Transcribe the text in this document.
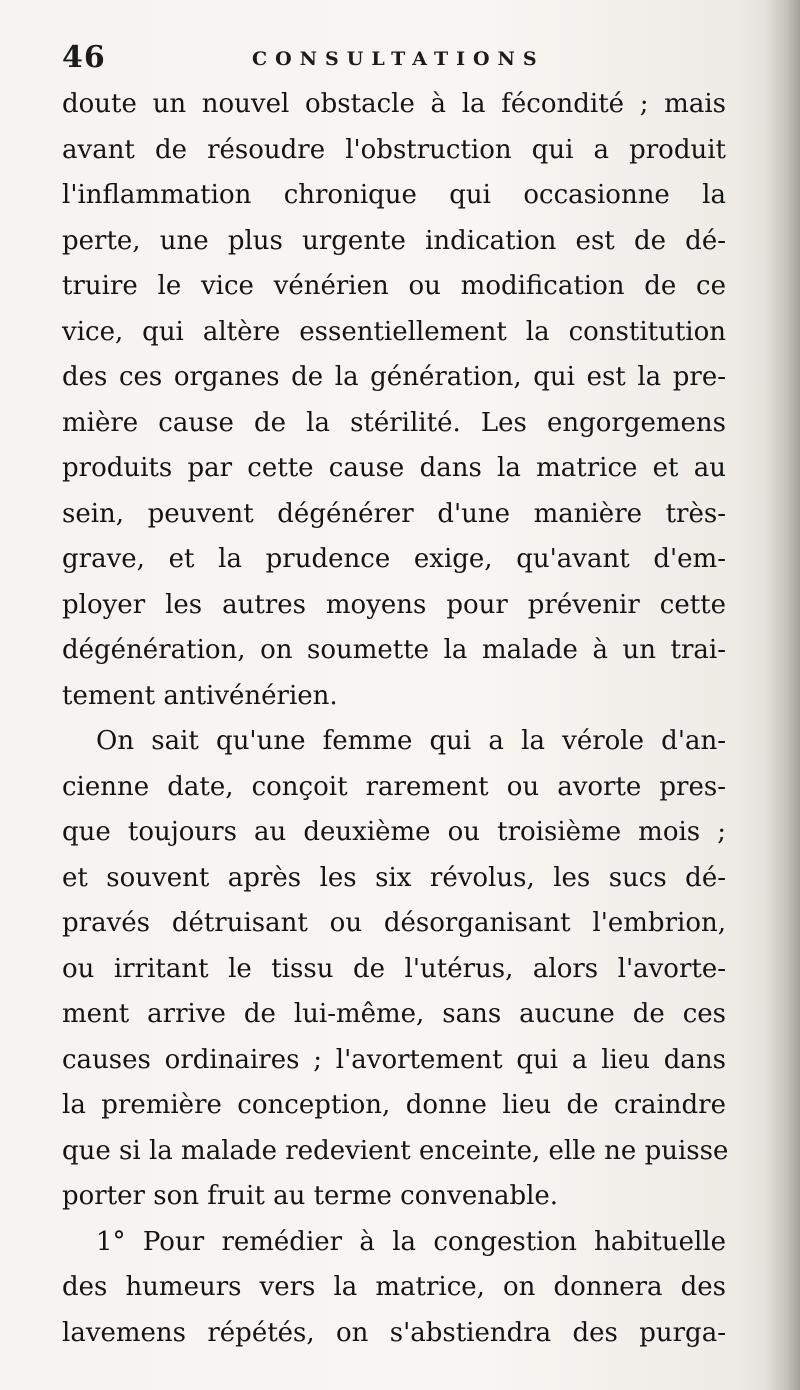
46	CONSULTATIONS
doute un nouvel obstacle à la fécondité ; mais
avant de résoudre l'obstruction qui a produit
l'inflammation chronique qui occasionne la
perte, une plus urgente indication est de dé-
truire le vice vénérien ou modification de ce
vice, qui altère essentiellement la constitution
des ces organes de la génération, qui est la pre-
mière cause de la stérilité. Les engorgemens
produits par cette cause dans la matrice et au
sein, peuvent dégénérer d'une manière très-
grave, et la prudence exige, qu'avant d'em-
ployer les autres moyens pour prévenir cette
dégénération, on soumette la malade à un trai-
tement antivénérien.
On sait qu'une femme qui a la vérole d'an-
cienne date, conçoit rarement ou avorte pres-
que toujours au deuxième ou troisième mois ;
et souvent après les six révolus, les sucs dé-
pravés détruisant ou désorganisant l'embrion,
ou irritant le tissu de l'utérus, alors l'avorte-
ment arrive de lui-même, sans aucune de ces
causes ordinaires ; l'avortement qui a lieu dans
la première conception, donne lieu de craindre
que si la malade redevient enceinte, elle ne puisse
porter son fruit au terme convenable.
1° Pour remédier à la congestion habituelle
des humeurs vers la matrice, on donnera des
lavemens répétés, on s'abstiendra des purga-
